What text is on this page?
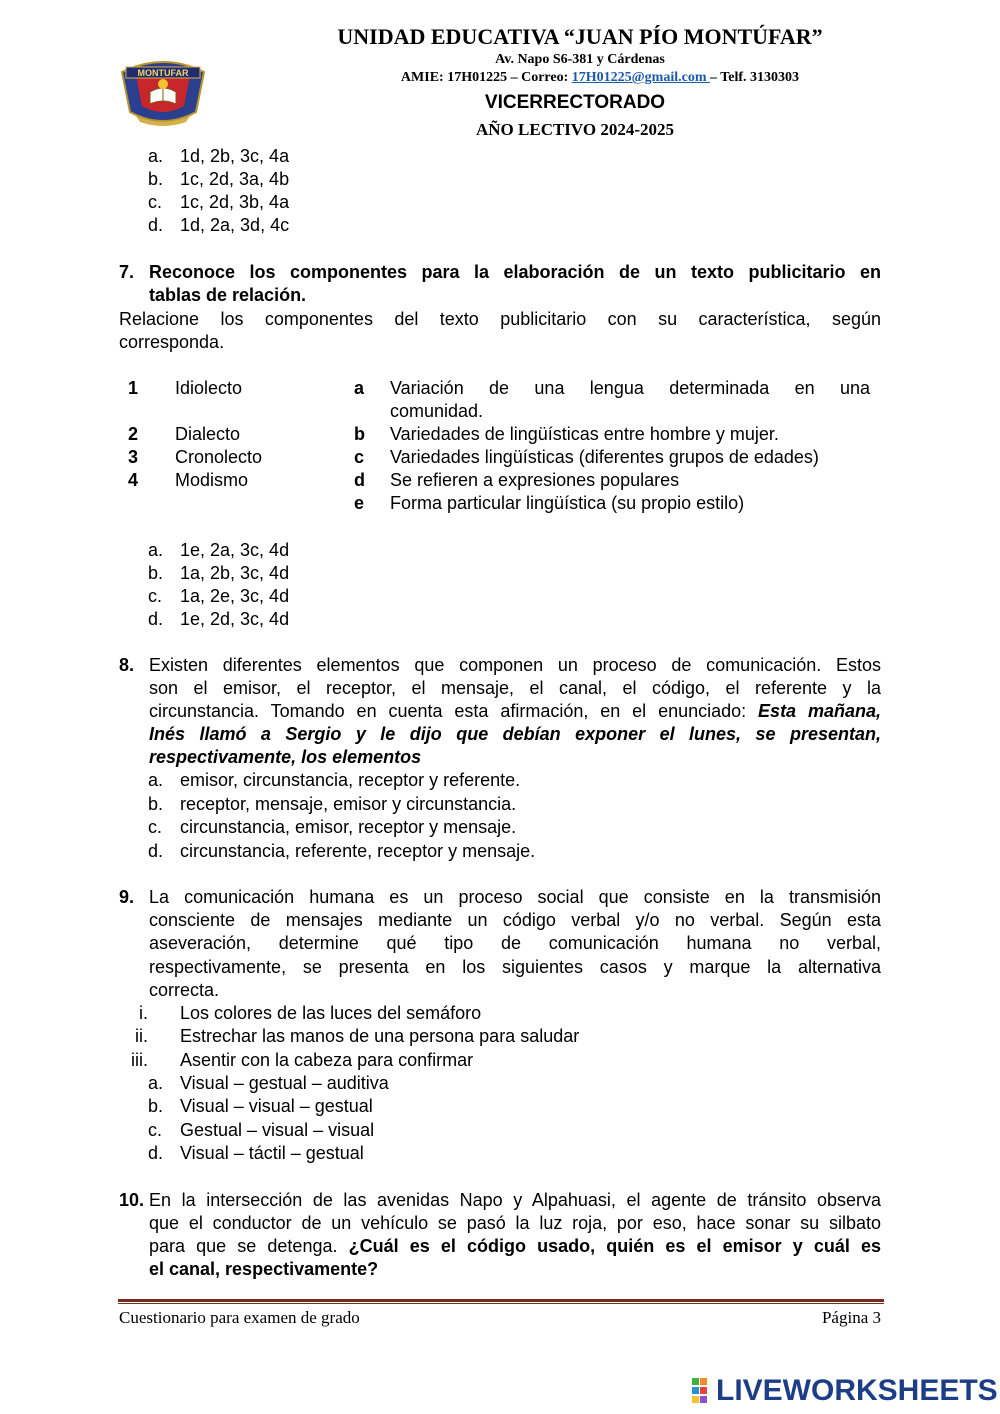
MONTUFAR
UNIDAD EDUCATIVA “JUAN PÍO MONTÚFAR”
Av. Napo S6-381 y Cárdenas
AMIE: 17H01225 – Correo: 17H01225@gmail.com – Telf. 3130303
VICERRECTORADO
AÑO LECTIVO 2024-2025
a. 1d, 2b, 3c, 4a
b. 1c, 2d, 3a, 4b
c. 1c, 2d, 3b, 4a
d. 1d, 2a, 3d, 4c
7. Reconoce los componentes para la elaboración de un texto publicitario en
tablas de relación.
Relacione los componentes del texto publicitario con su característica, según
corresponda.
1 Idiolecto
2 Dialecto
3 Cronolecto
4 Modismo
a Variación de una lengua determinada en una
comunidad.
b Variedades de lingüísticas entre hombre y mujer.
c Variedades lingüísticas (diferentes grupos de edades)
d Se refieren a expresiones populares
e Forma particular lingüística (su propio estilo)
a. 1e, 2a, 3c, 4d
b. 1a, 2b, 3c, 4d
c. 1a, 2e, 3c, 4d
d. 1e, 2d, 3c, 4d
8. Existen diferentes elementos que componen un proceso de comunicación. Estos
son el emisor, el receptor, el mensaje, el canal, el código, el referente y la
circunstancia. Tomando en cuenta esta afirmación, en el enunciado: Esta mañana,
Inés llamó a Sergio y le dijo que debían exponer el lunes, se presentan,
respectivamente, los elementos
a. emisor, circunstancia, receptor y referente.
b. receptor, mensaje, emisor y circunstancia.
c. circunstancia, emisor, receptor y mensaje.
d. circunstancia, referente, receptor y mensaje.
9. La comunicación humana es un proceso social que consiste en la transmisión
consciente de mensajes mediante un código verbal y/o no verbal. Según esta
aseveración, determine qué tipo de comunicación humana no verbal,
respectivamente, se presenta en los siguientes casos y marque la alternativa
correcta.
i. Los colores de las luces del semáforo
ii. Estrechar las manos de una persona para saludar
iii. Asentir con la cabeza para confirmar
a. Visual – gestual – auditiva
b. Visual – visual – gestual
c. Gestual – visual – visual
d. Visual – táctil – gestual
10. En la intersección de las avenidas Napo y Alpahuasi, el agente de tránsito observa
que el conductor de un vehículo se pasó la luz roja, por eso, hace sonar su silbato
para que se detenga. ¿Cuál es el código usado, quién es el emisor y cuál es
el canal, respectivamente?
Cuestionario para examen de grado	Página 3
LIVEWORKSHEETS
